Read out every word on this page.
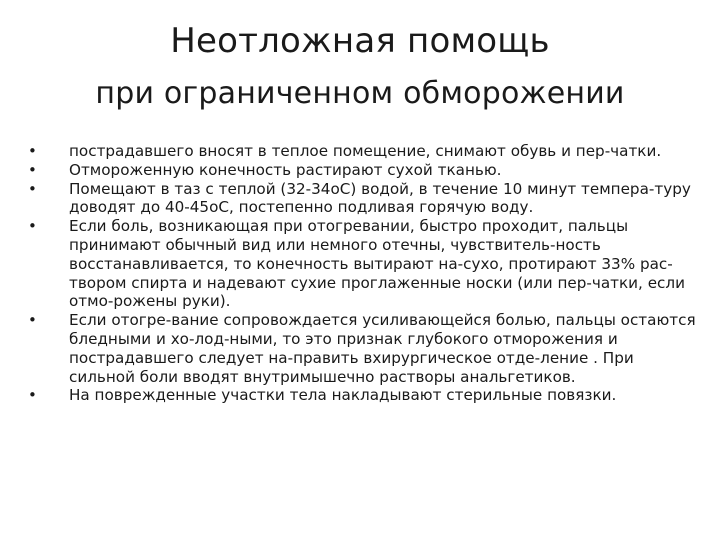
Неотложная помощь
при ограниченном обморожении
• пострадавшего вносят в теплое помещение, снимают обувь и пер-чатки.
• Отмороженную конечность растирают сухой тканью.
• Помещают в таз с теплой (32-34оС) водой, в течение 10 минут темпера-туру доводят до 40-45оС, постепенно подливая горячую воду.
• Если боль, возникающая при отогревании, быстро проходит, пальцы принимают обычный вид или немного отечны, чувствитель-ность восстанавливается, то конечность вытирают на-сухо, протирают 33% рас-твором спирта и надевают сухие проглаженные носки (или пер-чатки, если отмо-рожены руки).
• Если отогре-вание сопровождается усиливающейся болью, пальцы остаются бледными и хо-лод-ными, то это признак глубокого отморожения и пострадавшего следует на-править вхирургическое отде-ление . При сильной боли вводят внутримышечно растворы анальгетиков.
• На поврежденные участки тела накладывают стерильные повязки.
